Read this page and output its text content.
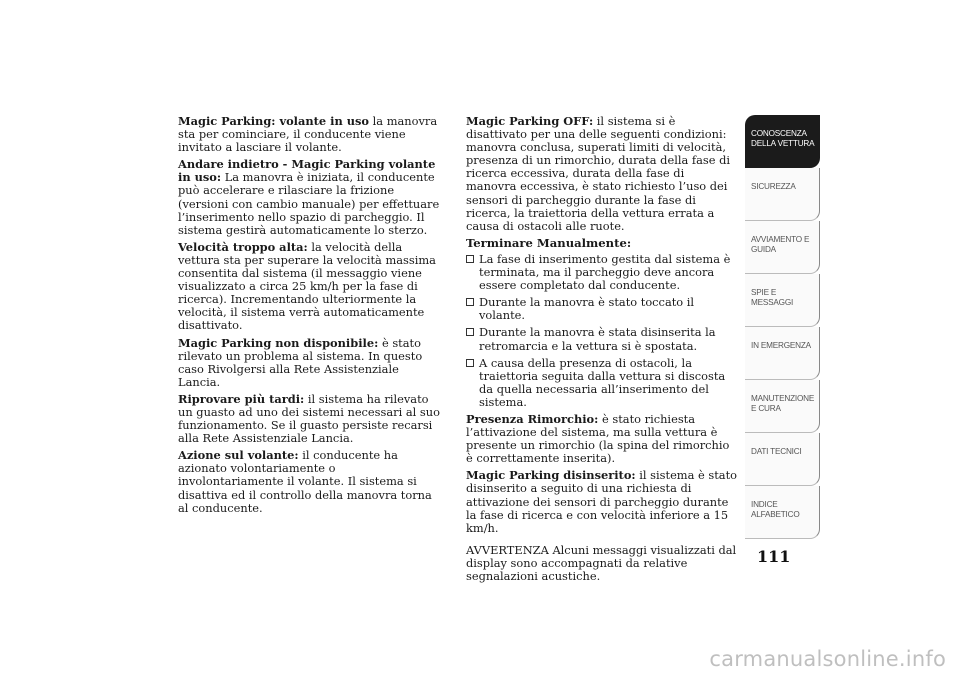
Magic Parking: volante in uso la manovra sta per cominciare, il conducente viene invitato a lasciare il volante.

Andare indietro - Magic Parking volante in uso: La manovra è iniziata, il conducente può accelerare e rilasciare la frizione (versioni con cambio manuale) per effettuare l’inserimento nello spazio di parcheggio. Il sistema gestirà automaticamente lo sterzo.

Velocità troppo alta: la velocità della vettura sta per superare la velocità massima consentita dal sistema (il messaggio viene visualizzato a circa 25 km/h per la fase di ricerca). Incrementando ulteriormente la velocità, il sistema verrà automaticamente disattivato.

Magic Parking non disponibile: è stato rilevato un problema al sistema. In questo caso Rivolgersi alla Rete Assistenziale Lancia.

Riprovare più tardi: il sistema ha rilevato un guasto ad uno dei sistemi necessari al suo funzionamento. Se il guasto persiste recarsi alla Rete Assistenziale Lancia.

Azione sul volante: il conducente ha azionato volontariamente o involontariamente il volante. Il sistema si disattiva ed il controllo della manovra torna al conducente.

Magic Parking OFF: il sistema si è disattivato per una delle seguenti condizioni: manovra conclusa, superati limiti di velocità, presenza di un rimorchio, durata della fase di ricerca eccessiva, durata della fase di manovra eccessiva, è stato richiesto l’uso dei sensori di parcheggio durante la fase di ricerca, la traiettoria della vettura errata a causa di ostacoli alle ruote.

Terminare Manualmente:
La fase di inserimento gestita dal sistema è terminata, ma il parcheggio deve ancora essere completato dal conducente.
Durante la manovra è stato toccato il volante.
Durante la manovra è stata disinserita la retromarcia e la vettura si è spostata.
A causa della presenza di ostacoli, la traiettoria seguita dalla vettura si discosta da quella necessaria all’inserimento del sistema.

Presenza Rimorchio: è stato richiesta l’attivazione del sistema, ma sulla vettura è presente un rimorchio (la spina del rimorchio è correttamente inserita).

Magic Parking disinserito: il sistema è stato disinserito a seguito di una richiesta di attivazione dei sensori di parcheggio durante la fase di ricerca e con velocità inferiore a 15 km/h.

AVVERTENZA Alcuni messaggi visualizzati dal display sono accompagnati da relative segnalazioni acustiche.

CONOSCENZA DELLA VETTURA
SICUREZZA
AVVIAMENTO E GUIDA
SPIE E MESSAGGI
IN EMERGENZA
MANUTENZIONE E CURA
DATI TECNICI
INDICE ALFABETICO
111
carmanualsonline.info
